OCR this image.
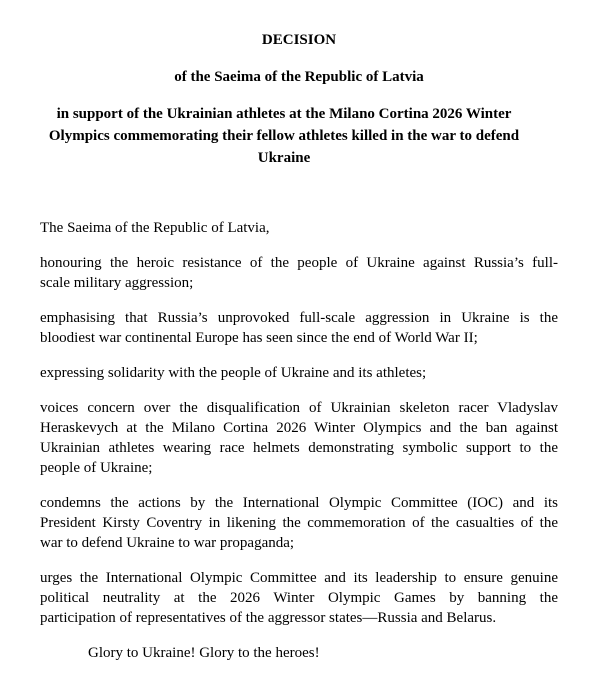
DECISION
of the Saeima of the Republic of Latvia
in support of the Ukrainian athletes at the Milano Cortina 2026 Winter
Olympics commemorating their fellow athletes killed in the war to defend
Ukraine
The Saeima of the Republic of Latvia,
honouring the heroic resistance of the people of Ukraine against Russia’s full-
scale military aggression;
emphasising that Russia’s unprovoked full-scale aggression in Ukraine is the
bloodiest war continental Europe has seen since the end of World War II;
expressing solidarity with the people of Ukraine and its athletes;
voices concern over the disqualification of Ukrainian skeleton racer Vladyslav
Heraskevych at the Milano Cortina 2026 Winter Olympics and the ban against
Ukrainian athletes wearing race helmets demonstrating symbolic support to the
people of Ukraine;
condemns the actions by the International Olympic Committee (IOC) and its
President Kirsty Coventry in likening the commemoration of the casualties of the
war to defend Ukraine to war propaganda;
urges the International Olympic Committee and its leadership to ensure genuine
political neutrality at the 2026 Winter Olympic Games by banning the
participation of representatives of the aggressor states—Russia and Belarus.
Glory to Ukraine! Glory to the heroes!
